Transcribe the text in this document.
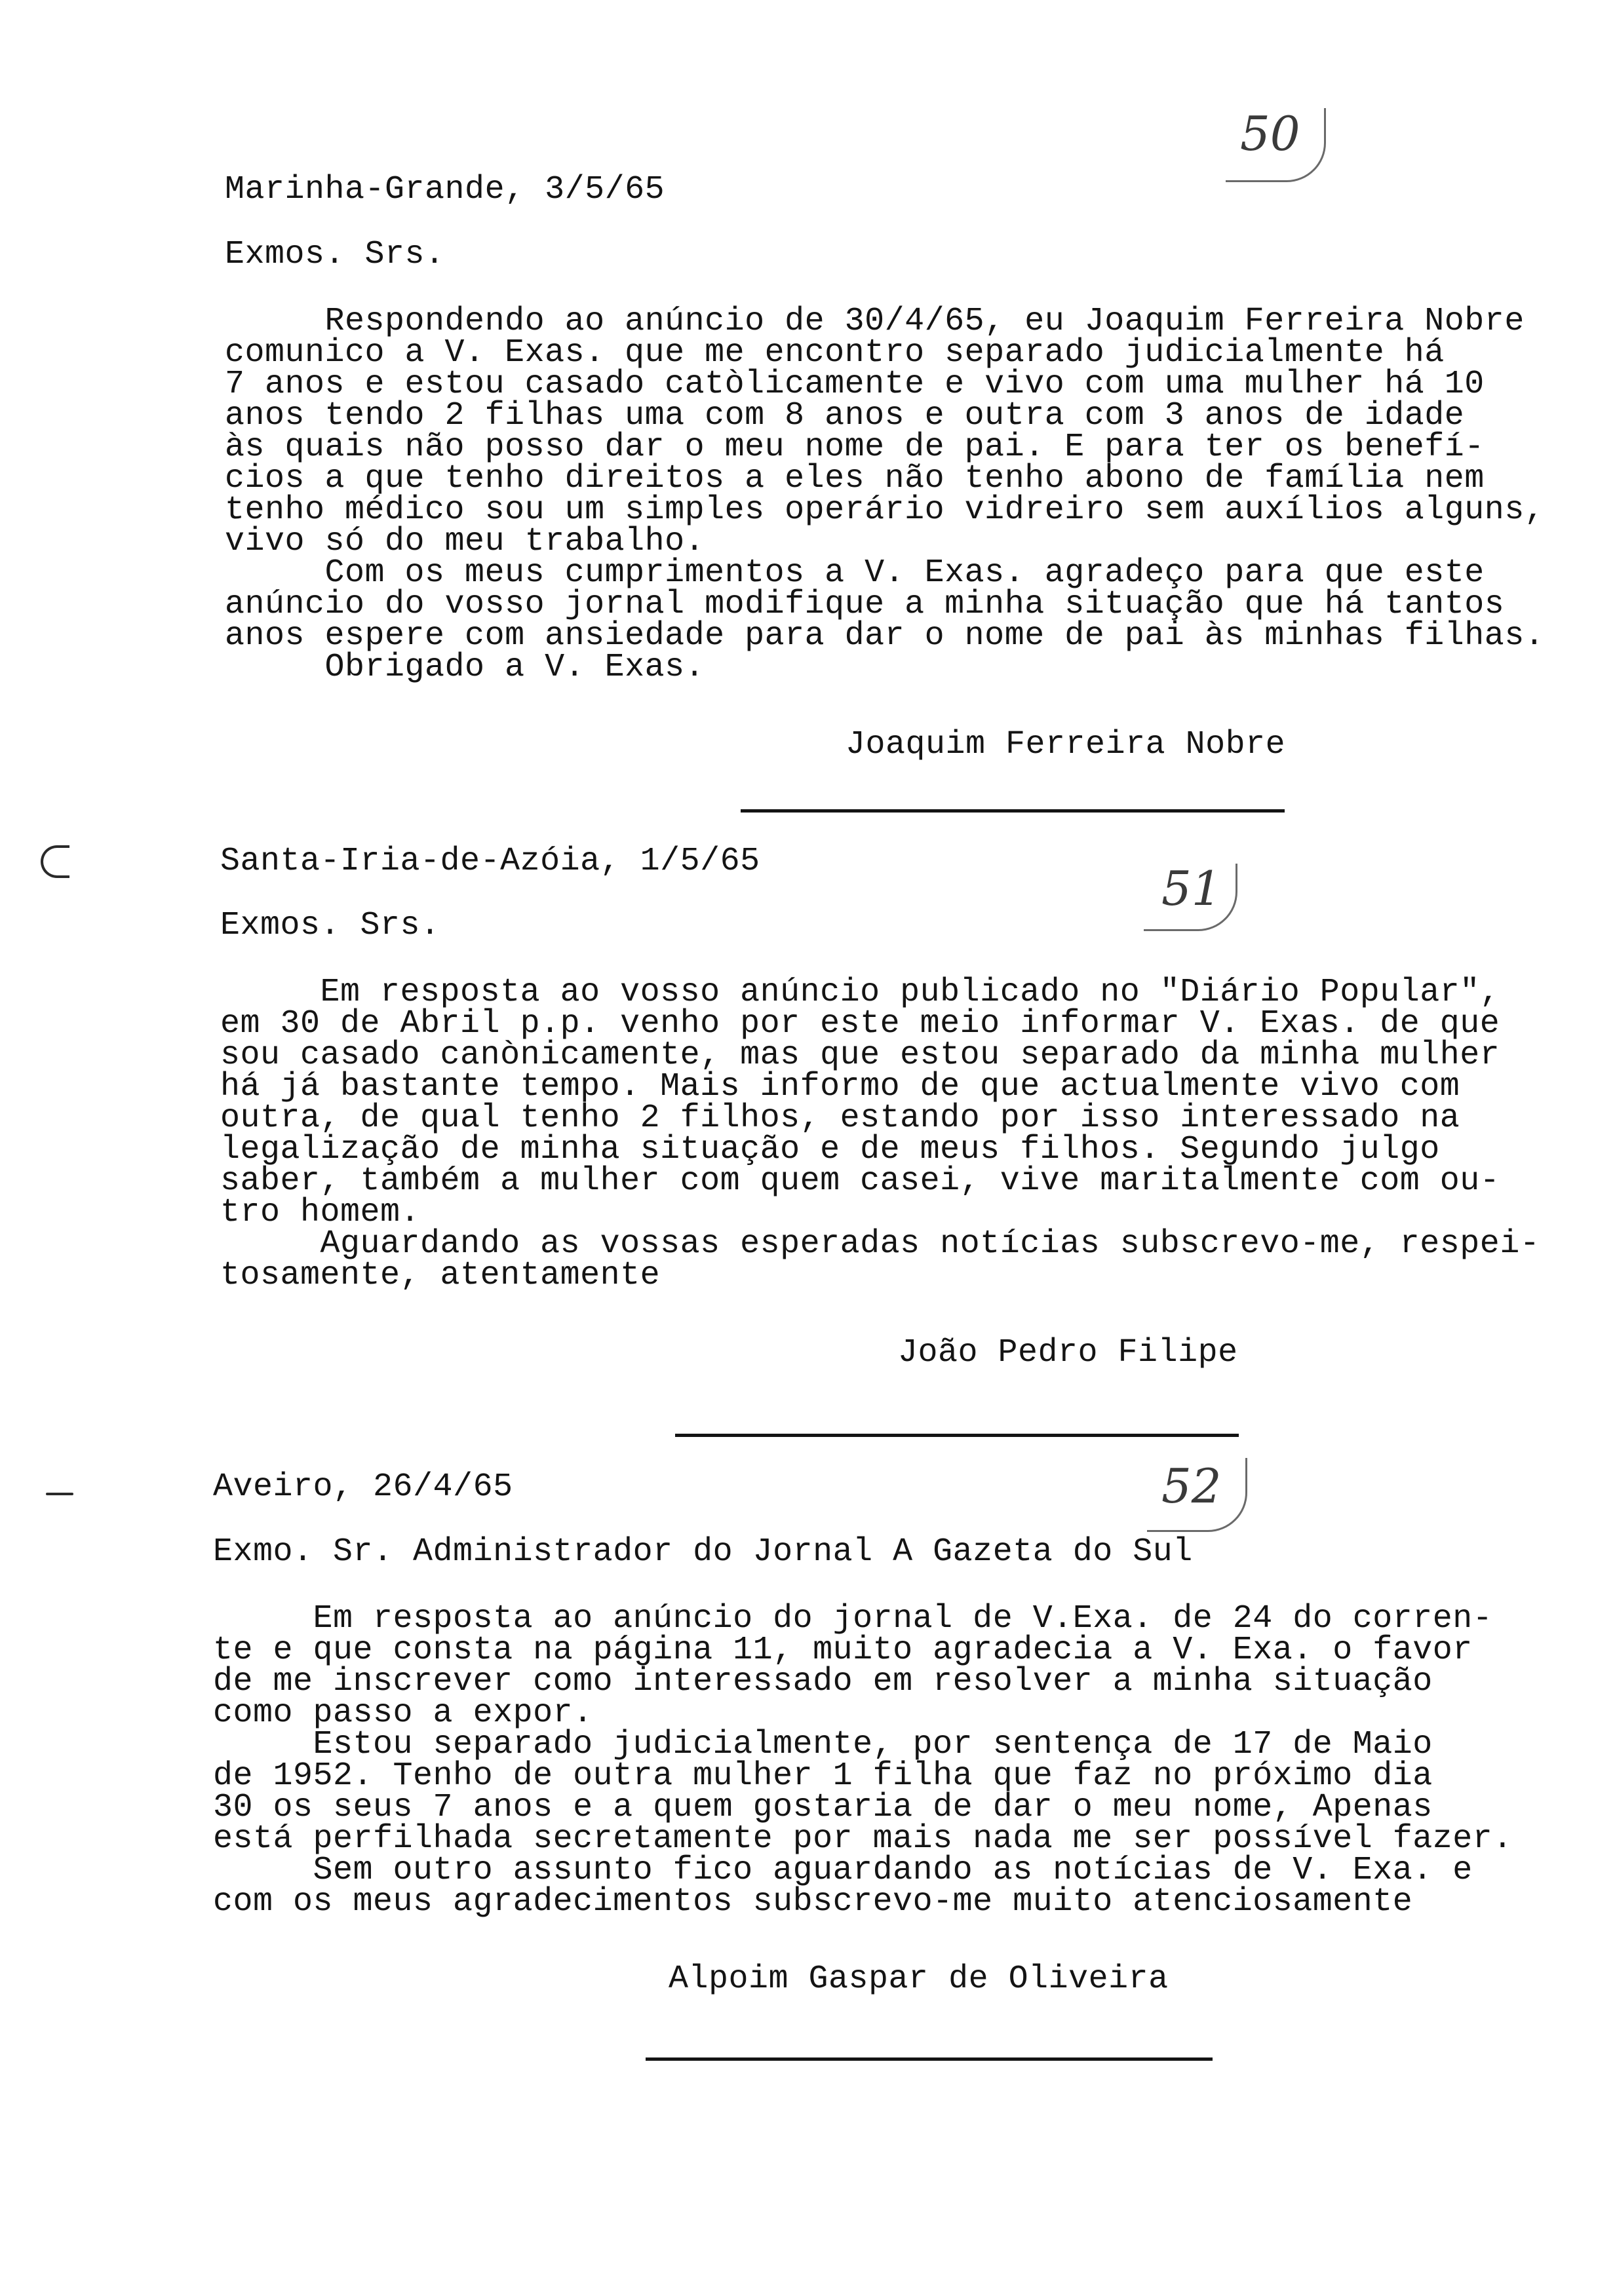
50
Marinha-Grande, 3/5/65
Exmos. Srs.
Respondendo ao anúncio de 30/4/65, eu Joaquim Ferreira Nobre
comunico a V. Exas. que me encontro separado judicialmente há
7 anos e estou casado catòlicamente e vivo com uma mulher há 10
anos tendo 2 filhas uma com 8 anos e outra com 3 anos de idade
às quais não posso dar o meu nome de pai. E para ter os benefí-
cios a que tenho direitos a eles não tenho abono de família nem
tenho médico sou um simples operário vidreiro sem auxílios alguns,
vivo só do meu trabalho.
Com os meus cumprimentos a V. Exas. agradeço para que este
anúncio do vosso jornal modifique a minha situação que há tantos
anos espere com ansiedade para dar o nome de pai às minhas filhas.
Obrigado a V. Exas.
Joaquim Ferreira Nobre
51
Santa-Iria-de-Azóia, 1/5/65
Exmos. Srs.
Em resposta ao vosso anúncio publicado no "Diário Popular",
em 30 de Abril p.p. venho por este meio informar V. Exas. de que
sou casado canònicamente, mas que estou separado da minha mulher
há já bastante tempo. Mais informo de que actualmente vivo com
outra, de qual tenho 2 filhos, estando por isso interessado na
legalização de minha situação e de meus filhos. Segundo julgo
saber, também a mulher com quem casei, vive maritalmente com ou-
tro homem.
Aguardando as vossas esperadas notícias subscrevo-me, respei-
tosamente, atentamente
João Pedro Filipe
52
Aveiro, 26/4/65
Exmo. Sr. Administrador do Jornal A Gazeta do Sul
Em resposta ao anúncio do jornal de V.Exa. de 24 do corren-
te e que consta na página 11, muito agradecia a V. Exa. o favor
de me inscrever como interessado em resolver a minha situação
como passo a expor.
Estou separado judicialmente, por sentença de 17 de Maio
de 1952. Tenho de outra mulher 1 filha que faz no próximo dia
30 os seus 7 anos e a quem gostaria de dar o meu nome, Apenas
está perfilhada secretamente por mais nada me ser possível fazer.
Sem outro assunto fico aguardando as notícias de V. Exa. e
com os meus agradecimentos subscrevo-me muito atenciosamente
Alpoim Gaspar de Oliveira
